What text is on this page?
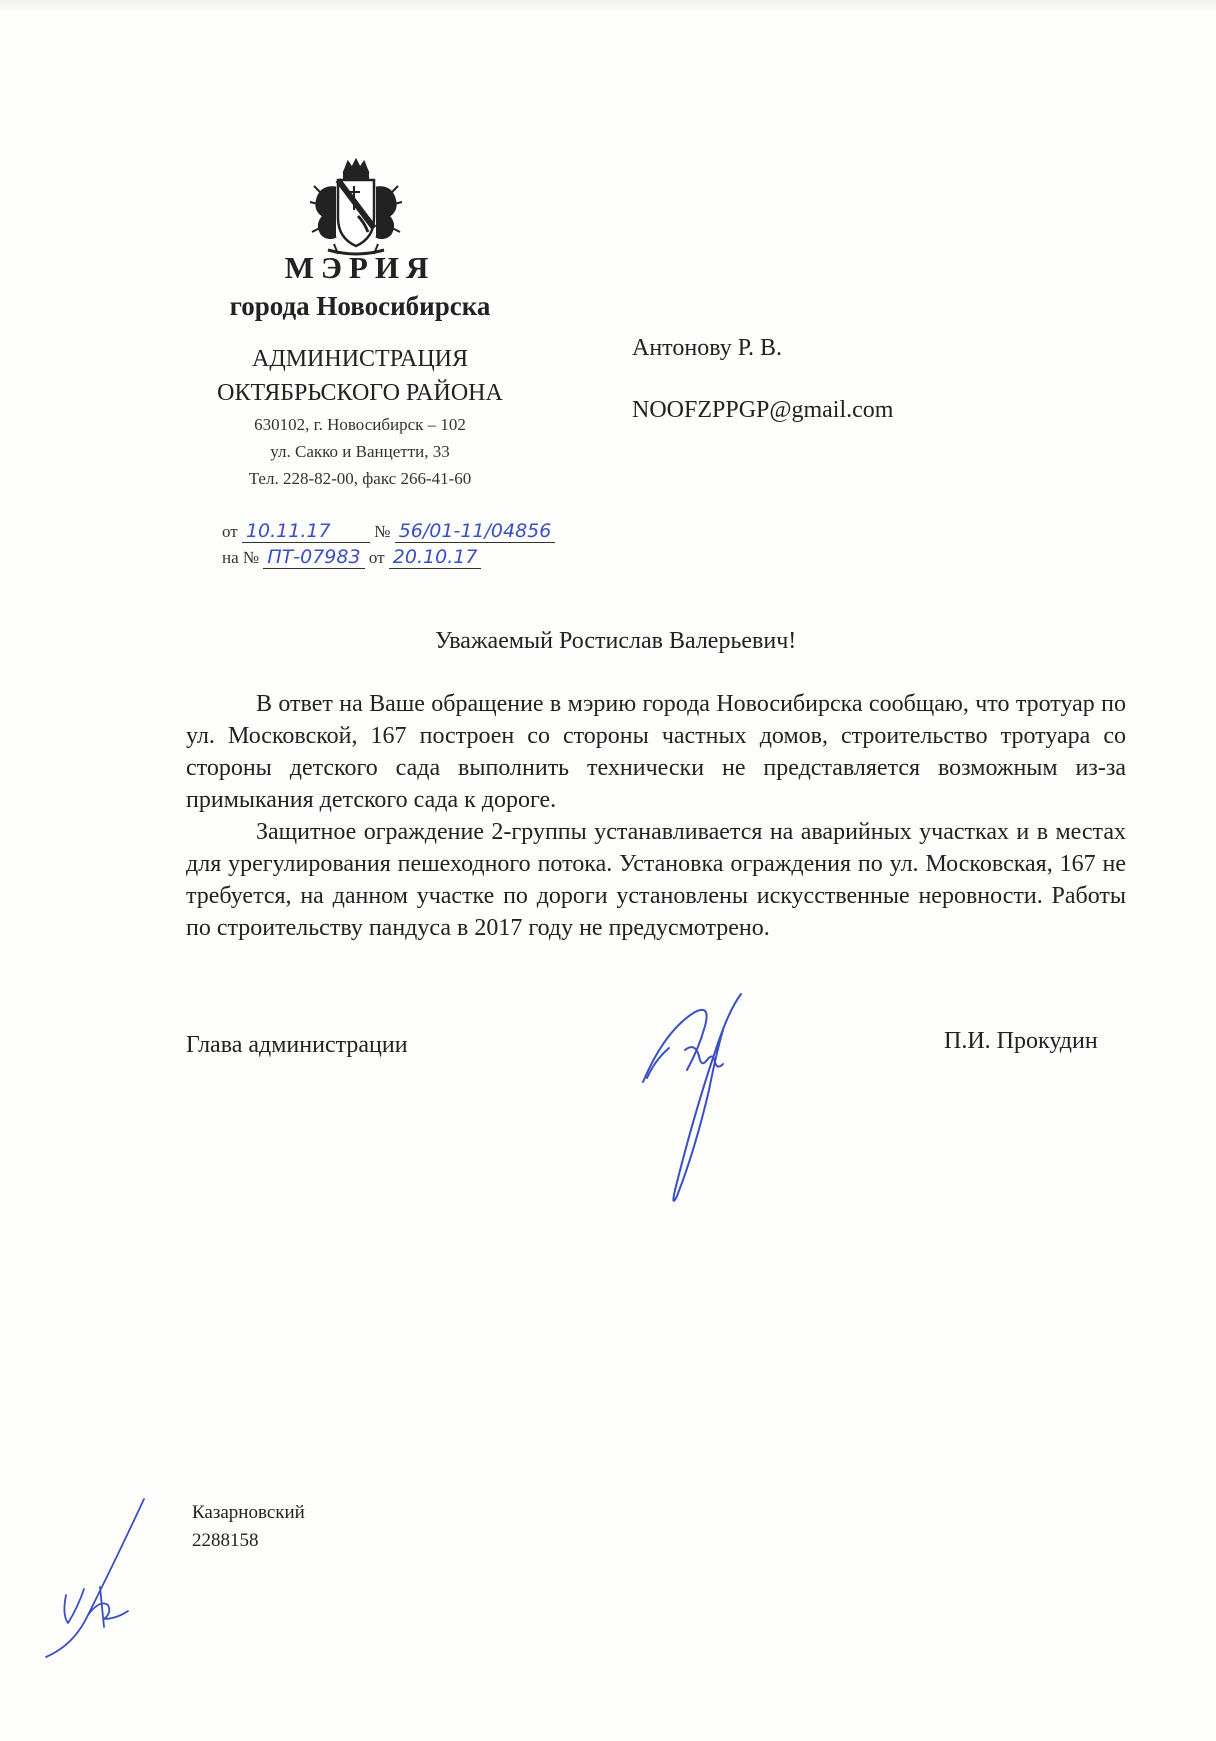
МЭРИЯ
города Новосибирска
АДМИНИСТРАЦИЯ
ОКТЯБРЬСКОГО РАЙОНА
630102, г. Новосибирск – 102
ул. Сакко и Ванцетти, 33
Тел. 228-82-00, факс 266-41-60
от 10.11.17	№ 56/01-11/04856
на № ПТ-07983 от 20.10.17
Антонову Р. В.
NOOFZPPGP@gmail.com
Уважаемый Ростислав Валерьевич!

В ответ на Ваше обращение в мэрию города Новосибирска сообщаю, что тротуар по ул. Московской, 167 построен со стороны частных домов, строительство тротуара со стороны детского сада выполнить технически не представляется возможным из-за примыкания детского сада к дороге.

Защитное ограждение 2-группы устанавливается на аварийных участках и в местах для урегулирования пешеходного потока. Установка ограждения по ул. Московская, 167 не требуется, на данном участке по дороги установлены искусственные неровности. Работы по строительству пандуса в 2017 году не предусмотрено.

Глава администрации	П.И. Прокудин
Казарновский
2288158
